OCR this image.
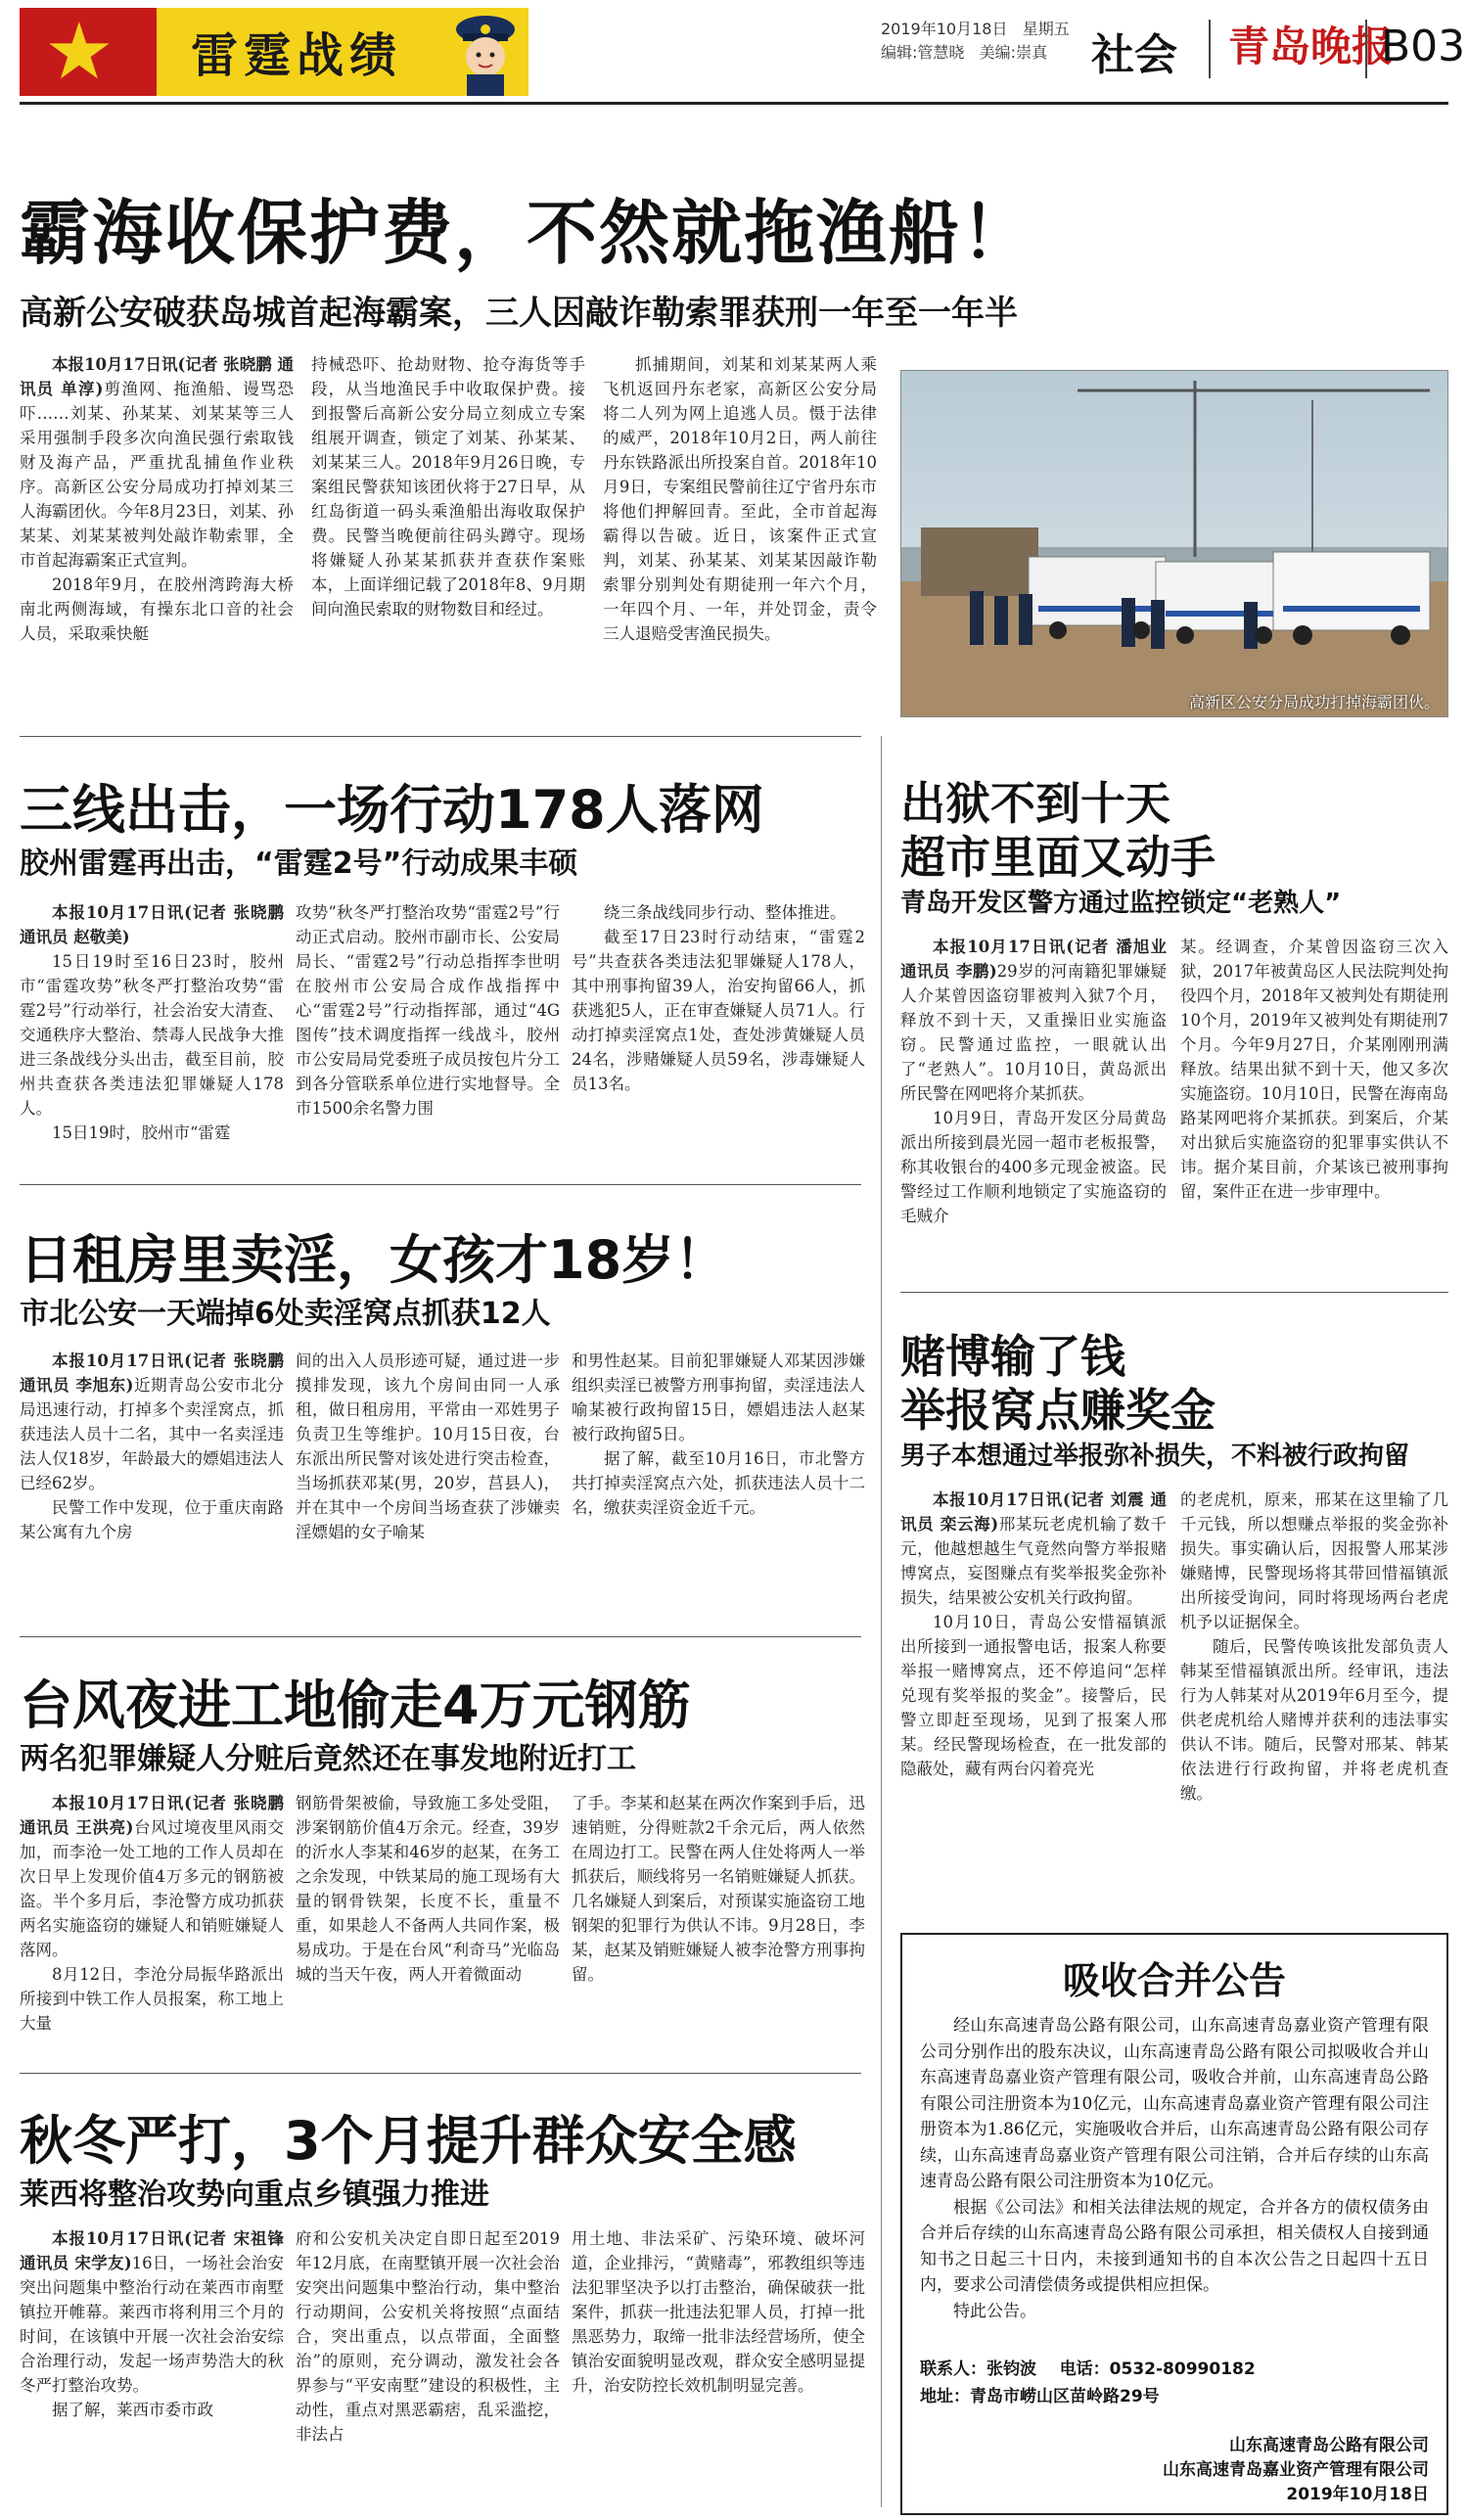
★ 雷霆战绩	2019年10月18日 星期五
编辑:管慧晓 美编:崇真	社会	青岛晚报
B03
霸海收保护费，不然就拖渔船！
高新公安破获岛城首起海霸案，三人因敲诈勒索罪获刑一年至一年半

本报10月17日讯(记者 张晓鹏 通讯员 单淳)剪渔网、拖渔船、谩骂恐吓……刘某、孙某某、刘某某等三人采用强制手段多次向渔民强行索取钱财及海产品，严重扰乱捕鱼作业秩序。高新区公安分局成功打掉刘某三人海霸团伙。今年8月23日，刘某、孙某某、刘某某被判处敲诈勒索罪，全市首起海霸案正式宣判。

2018年9月，在胶州湾跨海大桥南北两侧海域，有操东北口音的社会人员，采取乘快艇

持械恐吓、抢劫财物、抢夺海货等手段，从当地渔民手中收取保护费。接到报警后高新公安分局立刻成立专案组展开调查，锁定了刘某、孙某某、刘某某三人。2018年9月26日晚，专案组民警获知该团伙将于27日早，从红岛街道一码头乘渔船出海收取保护费。民警当晚便前往码头蹲守。现场将嫌疑人孙某某抓获并查获作案账本，上面详细记载了2018年8、9月期间向渔民索取的财物数目和经过。

抓捕期间，刘某和刘某某两人乘飞机返回丹东老家，高新区公安分局将二人列为网上追逃人员。慑于法律的威严，2018年10月2日，两人前往丹东铁路派出所投案自首。2018年10月9日，专案组民警前往辽宁省丹东市将他们押解回青。至此，全市首起海霸得以告破。近日，该案件正式宣判，刘某、孙某某、刘某某因敲诈勒索罪分别判处有期徒刑一年六个月，一年四个月、一年，并处罚金，责令三人退赔受害渔民损失。

高新区公安分局成功打掉海霸团伙。
三线出击，一场行动178人落网
胶州雷霆再出击，“雷霆2号”行动成果丰硕

本报10月17日讯(记者 张晓鹏 通讯员 赵敬美)

15日19时至16日23时，胶州市“雷霆攻势”秋冬严打整治攻势“雷霆2号”行动举行，社会治安大清查、交通秩序大整治、禁毒人民战争大推进三条战线分头出击，截至目前，胶州共查获各类违法犯罪嫌疑人178人。

15日19时，胶州市“雷霆

攻势”秋冬严打整治攻势“雷霆2号”行动正式启动。胶州市副市长、公安局局长、“雷霆2号”行动总指挥李世明在胶州市公安局合成作战指挥中心“雷霆2号”行动指挥部，通过“4G图传”技术调度指挥一线战斗，胶州市公安局局党委班子成员按包片分工到各分管联系单位进行实地督导。全市1500余名警力围

绕三条战线同步行动、整体推进。

截至17日23时行动结束，“雷霆2号”共查获各类违法犯罪嫌疑人178人，其中刑事拘留39人，治安拘留66人，抓获逃犯5人，正在审查嫌疑人员71人。行动打掉卖淫窝点1处，查处涉黄嫌疑人员24名，涉赌嫌疑人员59名，涉毒嫌疑人员13名。

日租房里卖淫，女孩才18岁！
市北公安一天端掉6处卖淫窝点抓获12人

本报10月17日讯(记者 张晓鹏 通讯员 李旭东)近期青岛公安市北分局迅速行动，打掉多个卖淫窝点，抓获违法人员十二名，其中一名卖淫违法人仅18岁，年龄最大的嫖娼违法人已经62岁。

民警工作中发现，位于重庆南路某公寓有九个房

间的出入人员形迹可疑，通过进一步摸排发现，该九个房间由同一人承租，做日租房用，平常由一邓姓男子负责卫生等维护。10月15日夜，台东派出所民警对该处进行突击检查，当场抓获邓某(男，20岁，莒县人)，并在其中一个房间当场查获了涉嫌卖淫嫖娼的女子喻某

和男性赵某。目前犯罪嫌疑人邓某因涉嫌组织卖淫已被警方刑事拘留，卖淫违法人喻某被行政拘留15日，嫖娼违法人赵某被行政拘留5日。

据了解，截至10月16日，市北警方共打掉卖淫窝点六处，抓获违法人员十二名，缴获卖淫资金近千元。

台风夜进工地偷走4万元钢筋
两名犯罪嫌疑人分赃后竟然还在事发地附近打工

本报10月17日讯(记者 张晓鹏 通讯员 王洪亮)台风过境夜里风雨交加，而李沧一处工地的工作人员却在次日早上发现价值4万多元的钢筋被盗。半个多月后，李沧警方成功抓获两名实施盗窃的嫌疑人和销赃嫌疑人落网。

8月12日，李沧分局振华路派出所接到中铁工作人员报案，称工地上大量

钢筋骨架被偷，导致施工多处受阻，涉案钢筋价值4万余元。经查，39岁的沂水人李某和46岁的赵某，在务工之余发现，中铁某局的施工现场有大量的钢骨铁架，长度不长，重量不重，如果趁人不备两人共同作案，极易成功。于是在台风“利奇马”光临岛城的当天午夜，两人开着微面动

了手。李某和赵某在两次作案到手后，迅速销赃，分得赃款2千余元后，两人依然在周边打工。民警在两人住处将两人一举抓获后，顺线将另一名销赃嫌疑人抓获。几名嫌疑人到案后，对预谋实施盗窃工地钢架的犯罪行为供认不讳。9月28日，李某，赵某及销赃嫌疑人被李沧警方刑事拘留。

秋冬严打，3个月提升群众安全感
莱西将整治攻势向重点乡镇强力推进

本报10月17日讯(记者 宋祖锋 通讯员 宋学友)16日，一场社会治安突出问题集中整治行动在莱西市南墅镇拉开帷幕。莱西市将利用三个月的时间，在该镇中开展一次社会治安综合治理行动，发起一场声势浩大的秋冬严打整治攻势。

据了解，莱西市委市政

府和公安机关决定自即日起至2019年12月底，在南墅镇开展一次社会治安突出问题集中整治行动，集中整治行动期间，公安机关将按照“点面结合，突出重点，以点带面，全面整治”的原则，充分调动，激发社会各界参与“平安南墅”建设的积极性，主动性，重点对黑恶霸痞，乱采滥挖，非法占

用土地、非法采矿、污染环境、破坏河道，企业排污，“黄赌毒”，邪教组织等违法犯罪坚决予以打击整治，确保破获一批案件，抓获一批违法犯罪人员，打掉一批黑恶势力，取缔一批非法经营场所，使全镇治安面貌明显改观，群众安全感明显提升，治安防控长效机制明显完善。

出狱不到十天
超市里面又动手
青岛开发区警方通过监控锁定“老熟人”

本报10月17日讯(记者 潘旭业 通讯员 李鹏)29岁的河南籍犯罪嫌疑人介某曾因盗窃罪被判入狱7个月，释放不到十天，又重操旧业实施盗窃。民警通过监控，一眼就认出了“老熟人”。10月10日，黄岛派出所民警在网吧将介某抓获。

10月9日，青岛开发区分局黄岛派出所接到晨光园一超市老板报警，称其收银台的400多元现金被盗。民警经过工作顺利地锁定了实施盗窃的毛贼介

某。经调查，介某曾因盗窃三次入狱，2017年被黄岛区人民法院判处拘役四个月，2018年又被判处有期徒刑10个月，2019年又被判处有期徒刑7个月。今年9月27日，介某刚刚刑满释放。结果出狱不到十天，他又多次实施盗窃。10月10日，民警在海南岛路某网吧将介某抓获。到案后，介某对出狱后实施盗窃的犯罪事实供认不讳。据介某目前，介某该已被刑事拘留，案件正在进一步审理中。

赌博输了钱
举报窝点赚奖金
男子本想通过举报弥补损失，不料被行政拘留

本报10月17日讯(记者 刘震 通讯员 栾云海)邢某玩老虎机输了数千元，他越想越生气竟然向警方举报赌博窝点，妄图赚点有奖举报奖金弥补损失，结果被公安机关行政拘留。

10月10日，青岛公安惜福镇派出所接到一通报警电话，报案人称要举报一赌博窝点，还不停追问“怎样兑现有奖举报的奖金”。接警后，民警立即赶至现场，见到了报案人邢某。经民警现场检查，在一批发部的隐蔽处，藏有两台闪着亮光

的老虎机，原来，邢某在这里输了几千元钱，所以想赚点举报的奖金弥补损失。事实确认后，因报警人邢某涉嫌赌博，民警现场将其带回惜福镇派出所接受询问，同时将现场两台老虎机予以证据保全。

随后，民警传唤该批发部负责人韩某至惜福镇派出所。经审讯，违法行为人韩某对从2019年6月至今，提供老虎机给人赌博并获利的违法事实供认不讳。随后，民警对邢某、韩某依法进行行政拘留，并将老虎机查缴。

吸收合并公告

经山东高速青岛公路有限公司，山东高速青岛嘉业资产管理有限公司分别作出的股东决议，山东高速青岛公路有限公司拟吸收合并山东高速青岛嘉业资产管理有限公司，吸收合并前，山东高速青岛公路有限公司注册资本为10亿元，山东高速青岛嘉业资产管理有限公司注册资本为1.86亿元，实施吸收合并后，山东高速青岛公路有限公司存续，山东高速青岛嘉业资产管理有限公司注销，合并后存续的山东高速青岛公路有限公司注册资本为10亿元。

根据《公司法》和相关法律法规的规定，合并各方的债权债务由合并后存续的山东高速青岛公路有限公司承担，相关债权人自接到通知书之日起三十日内，未接到通知书的自本次公告之日起四十五日内，要求公司清偿债务或提供相应担保。

特此公告。

联系人：张钧波 电话：0532-80990182
地址：青岛市崂山区苗岭路29号
山东高速青岛公路有限公司
山东高速青岛嘉业资产管理有限公司
2019年10月18日
